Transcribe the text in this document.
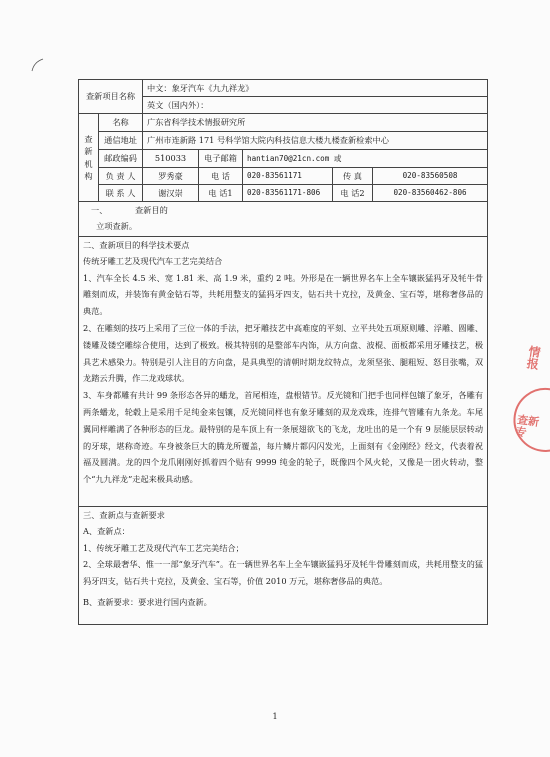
查新项目名称		中文：象牙汽车《九九祥龙》				
		英文（国内外）：				

查
新
机
构	名称	广东省科学技术情报研究所				
	通信地址	广州市连新路 171 号科学馆大院内科技信息大楼九楼查新检索中心				
	邮政编码	510033	电子邮箱	hantian70@21cn.com 或		
	负 责 人	罗秀豪	电 话	020-83561171	传 真	020-83560508
	联 系 人	谢汉崇	电 话1	020-83561171-806	电 话2	020-83560462-806

一、 查新目的

立项查新。						

二、查新项目的科学技术要点

传统牙雕工艺及现代汽车工艺完美结合

1、汽车全长 4.5 米、宽 1.81 米、高 1.9 米，重约 2 吨。外形是在一辆世界名车上全车镶嵌猛犸牙及牦牛骨雕刻而成，并装饰有黄金钻石等，共耗用整支的猛犸牙四支，钻石共十克拉，及黄金、宝石等，堪称奢侈品的典范。

2、在雕刻的技巧上采用了三位一体的手法，把牙雕技艺中高难度的平刻、立平共处五项原则雕、浮雕、圆雕、镂雕及镂空雕综合使用，达到了极致。极其特别的是整部车内饰，从方向盘、波棍、面板都采用牙雕技艺，极具艺术感染力。特别是引人注目的方向盘，是具典型的清朝时期龙纹特点，龙须坚张、腿粗短、怒目张嘴，双龙踏云升腾，作二龙戏球状。

3、车身都雕有共计 99 条形态各异的蟠龙，首尾相连，盘根错节。反光镜和门把手也同样包镶了象牙，各雕有两条蟠龙，轮毂上是采用千足纯金来包镶，反光镜同样也有象牙雕刻的双龙戏珠，连排气管雕有九条龙。车尾翼同样雕满了各种形态的巨龙。最特别的是车顶上有一条展翅欲飞的飞龙，龙吐出的是一个有 9 层能层层转动的牙球，堪称奇迹。车身被条巨大的腾龙所覆盖，每片鳞片都闪闪发光，上面刻有《金刚经》经文，代表着祝福及圆满。龙的四个龙爪刚刚好抓着四个贴有 9999 纯金的轮子，既像四个风火轮，又像是一团火转动，整个“九九祥龙”走起来极具动感。						

三、查新点与查新要求

A、查新点：

1、传统牙雕工艺及现代汽车工艺完美结合；

2、全球最奢华、惟一一部“象牙汽车”。在一辆世界名车上全车镶嵌猛犸牙及牦牛骨雕刻而成，共耗用整支的猛犸牙四支，钻石共十克拉，及黄金、宝石等，价值 2010 万元，堪称奢侈品的典范。

B、查新要求：要求进行国内查新。						

情报
查新专
1
